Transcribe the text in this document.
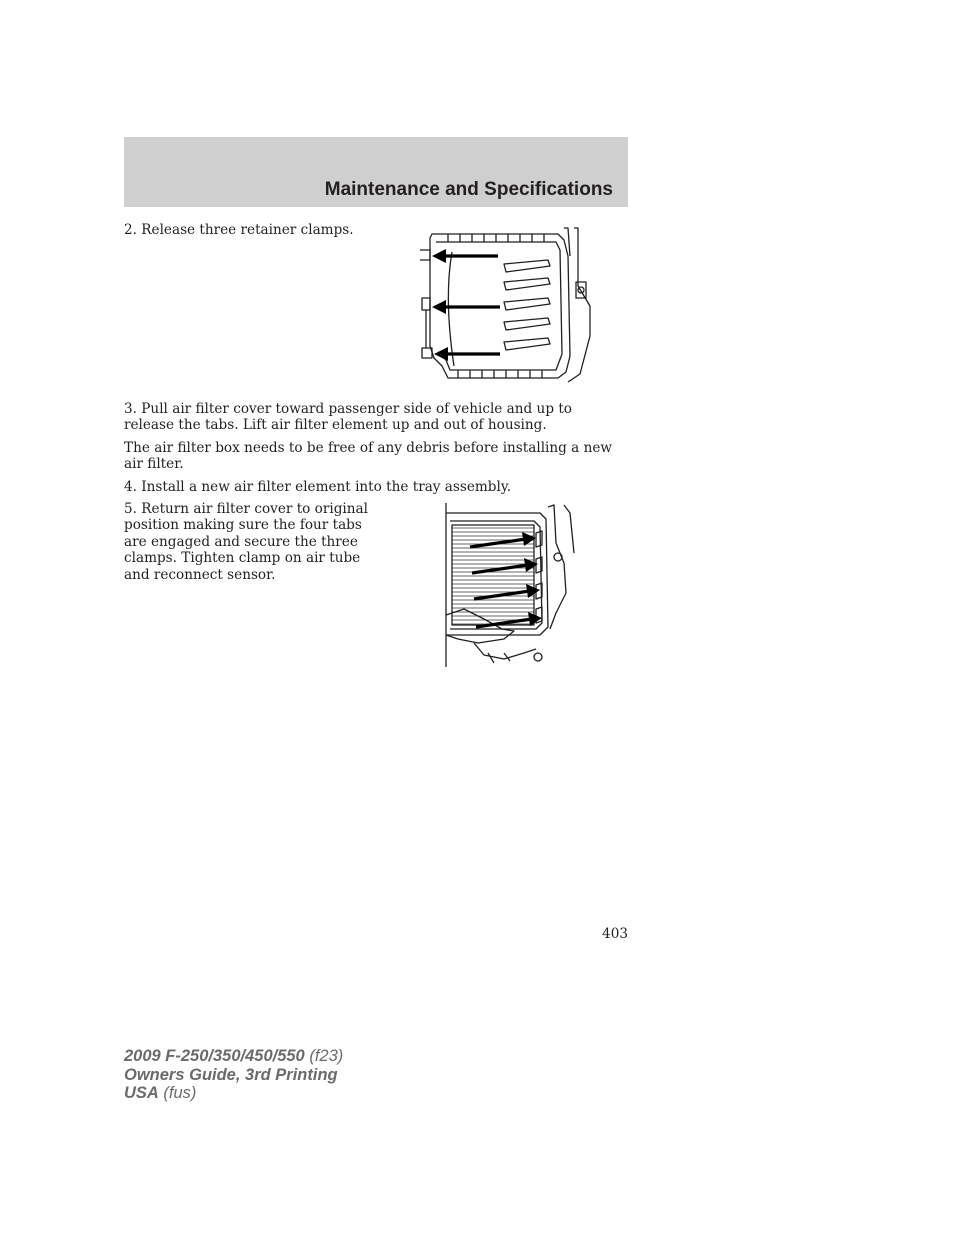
Maintenance and Specifications

2. Release three retainer clamps.

3. Pull air filter cover toward passenger side of vehicle and up to release the tabs. Lift air filter element up and out of housing.

The air filter box needs to be free of any debris before installing a new air filter.

4. Install a new air filter element into the tray assembly.

5. Return air filter cover to original
position making sure the four tabs
are engaged and secure the three
clamps. Tighten clamp on air tube
and reconnect sensor.
403
2009 F-250/350/450/550 (f23)
Owners Guide, 3rd Printing
USA (fus)
